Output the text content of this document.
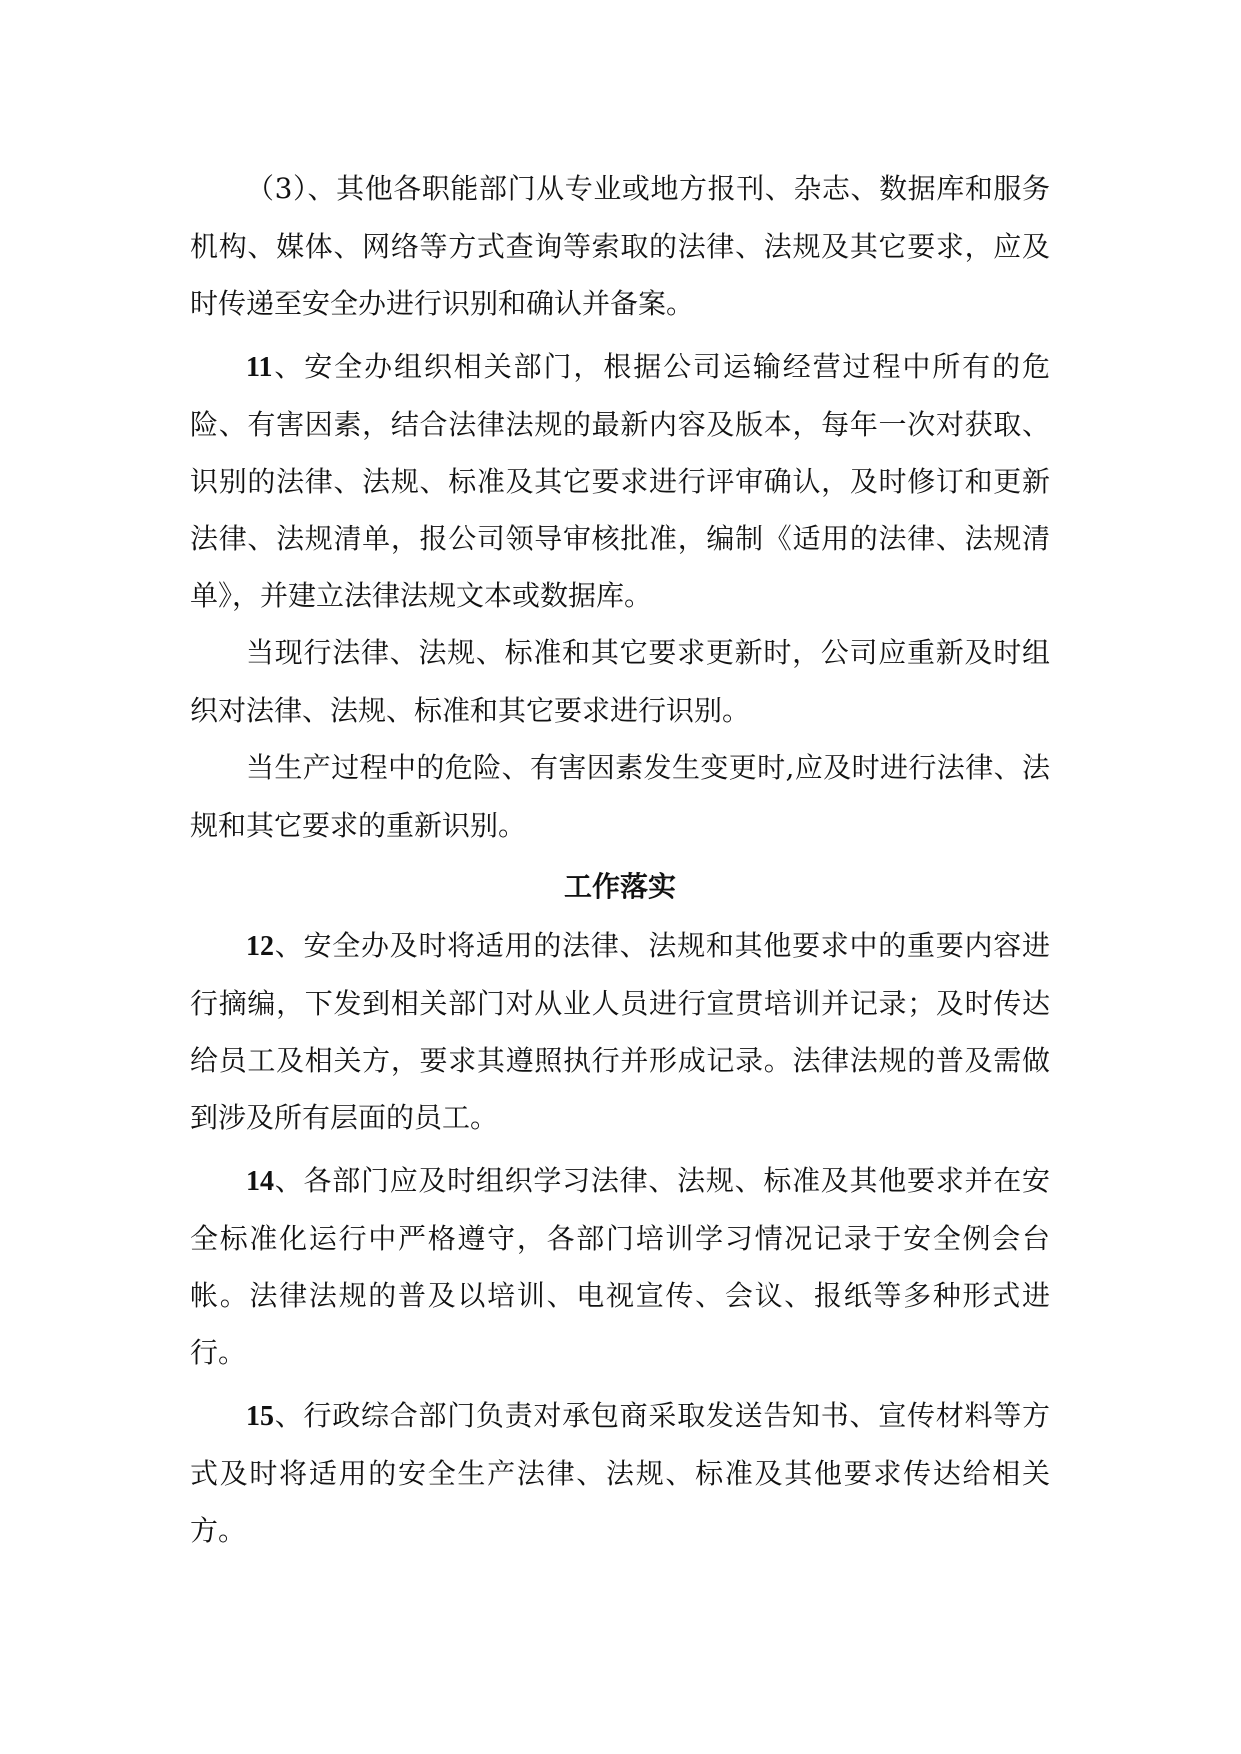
（3）、其他各职能部门从专业或地方报刊、杂志、数据库和服务机构、媒体、网络等方式查询等索取的法律、法规及其它要求，应及时传递至安全办进行识别和确认并备案。

11、安全办组织相关部门，根据公司运输经营过程中所有的危险、有害因素，结合法律法规的最新内容及版本，每年一次对获取、识别的法律、法规、标准及其它要求进行评审确认，及时修订和更新法律、法规清单，报公司领导审核批准，编制《适用的法律、法规清单》，并建立法律法规文本或数据库。

当现行法律、法规、标准和其它要求更新时，公司应重新及时组织对法律、法规、标准和其它要求进行识别。

当生产过程中的危险、有害因素发生变更时,应及时进行法律、法规和其它要求的重新识别。

工作落实

12、安全办及时将适用的法律、法规和其他要求中的重要内容进行摘编，下发到相关部门对从业人员进行宣贯培训并记录；及时传达给员工及相关方，要求其遵照执行并形成记录。法律法规的普及需做到涉及所有层面的员工。

14、各部门应及时组织学习法律、法规、标准及其他要求并在安全标准化运行中严格遵守，各部门培训学习情况记录于安全例会台帐。法律法规的普及以培训、电视宣传、会议、报纸等多种形式进行。

15、行政综合部门负责对承包商采取发送告知书、宣传材料等方式及时将适用的安全生产法律、法规、标准及其他要求传达给相关方。
